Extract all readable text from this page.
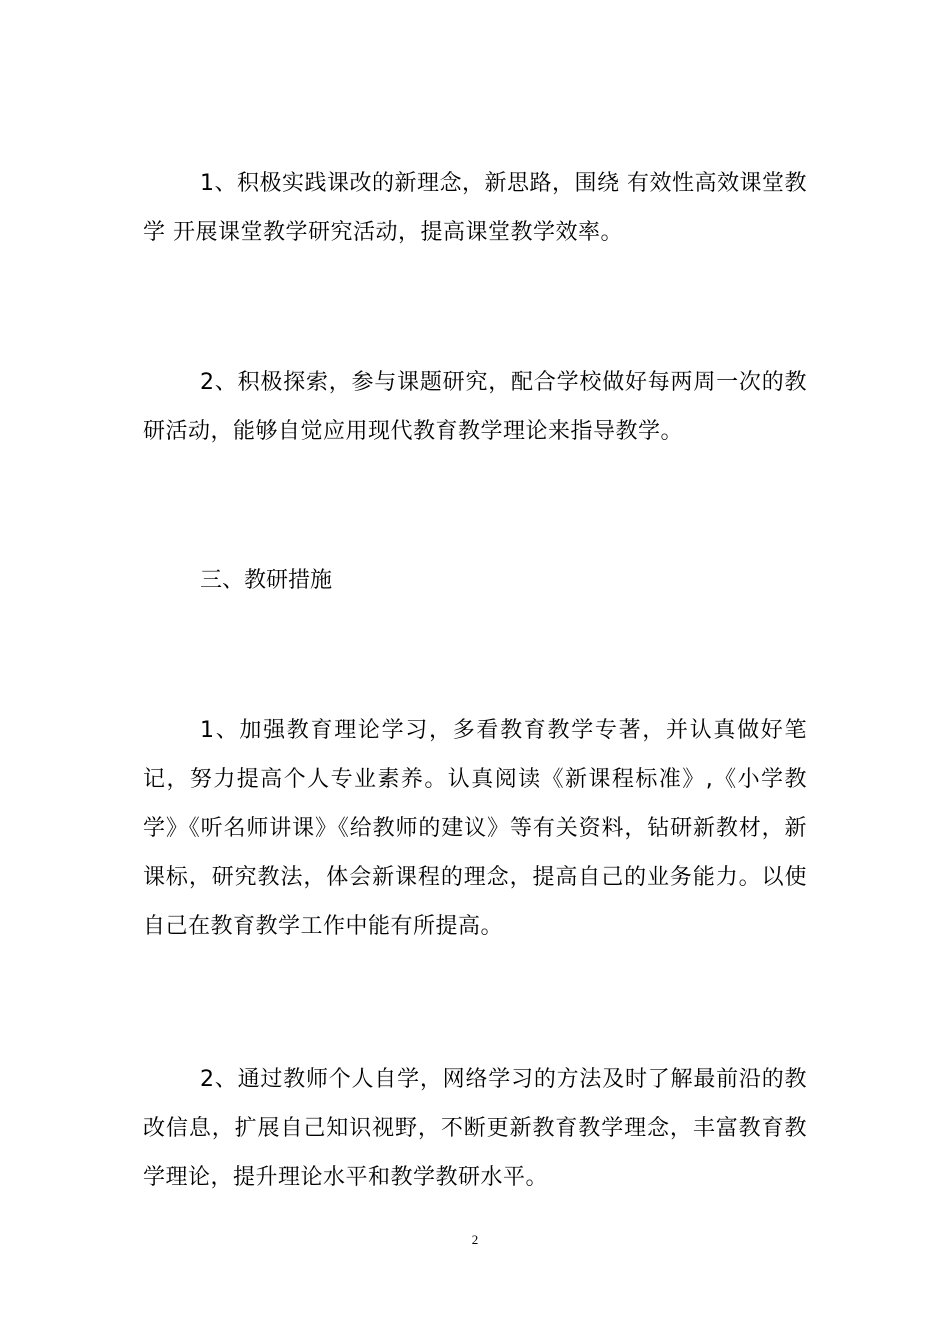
1、积极实践课改的新理念，新思路，围绕 有效性高效课堂教学 开展课堂教学研究活动，提高课堂教学效率。

2、积极探索，参与课题研究，配合学校做好每两周一次的教研活动，能够自觉应用现代教育教学理论来指导教学。

三、教研措施

1、加强教育理论学习，多看教育教学专著，并认真做好笔记，努力提高个人专业素养。认真阅读《新课程标准》,《小学教学》《听名师讲课》《给教师的建议》等有关资料，钻研新教材，新课标，研究教法，体会新课程的理念，提高自己的业务能力。以使自己在教育教学工作中能有所提高。

2、通过教师个人自学，网络学习的方法及时了解最前沿的教改信息，扩展自己知识视野，不断更新教育教学理念，丰富教育教学理论，提升理论水平和教学教研水平。

2
